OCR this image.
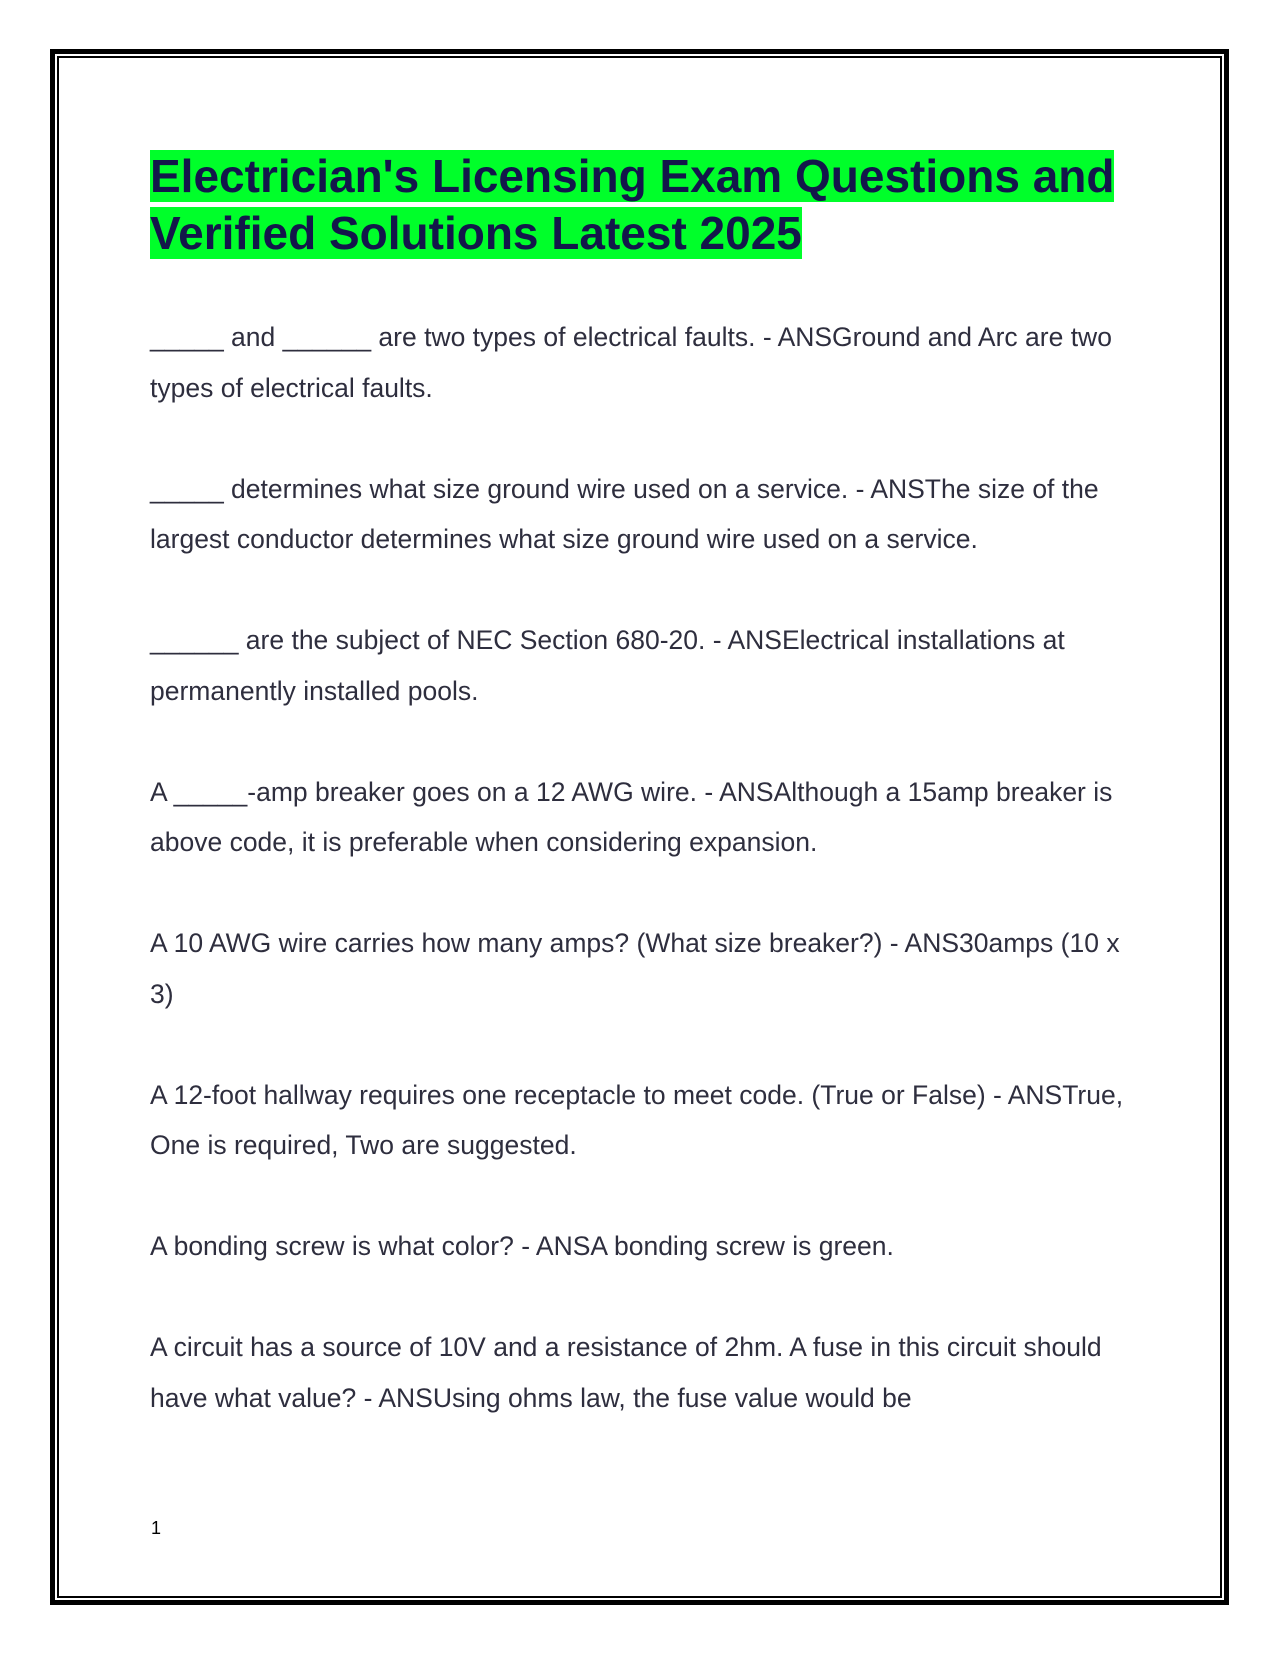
Electrician's Licensing Exam Questions and Verified Solutions Latest 2025

_____ and ______ are two types of electrical faults. - ANSGround and Arc are two types of electrical faults.

_____ determines what size ground wire used on a service. - ANSThe size of the largest conductor determines what size ground wire used on a service.

______ are the subject of NEC Section 680-20. - ANSElectrical installations at permanently installed pools.

A _____-amp breaker goes on a 12 AWG wire. - ANSAlthough a 15amp breaker is above code, it is preferable when considering expansion.

A 10 AWG wire carries how many amps? (What size breaker?) - ANS30amps (10 x 3)

A 12-foot hallway requires one receptacle to meet code. (True or False) - ANSTrue, One is required, Two are suggested.

A bonding screw is what color? - ANSA bonding screw is green.

A circuit has a source of 10V and a resistance of 2hm. A fuse in this circuit should have what value? - ANSUsing ohms law, the fuse value would be

1
